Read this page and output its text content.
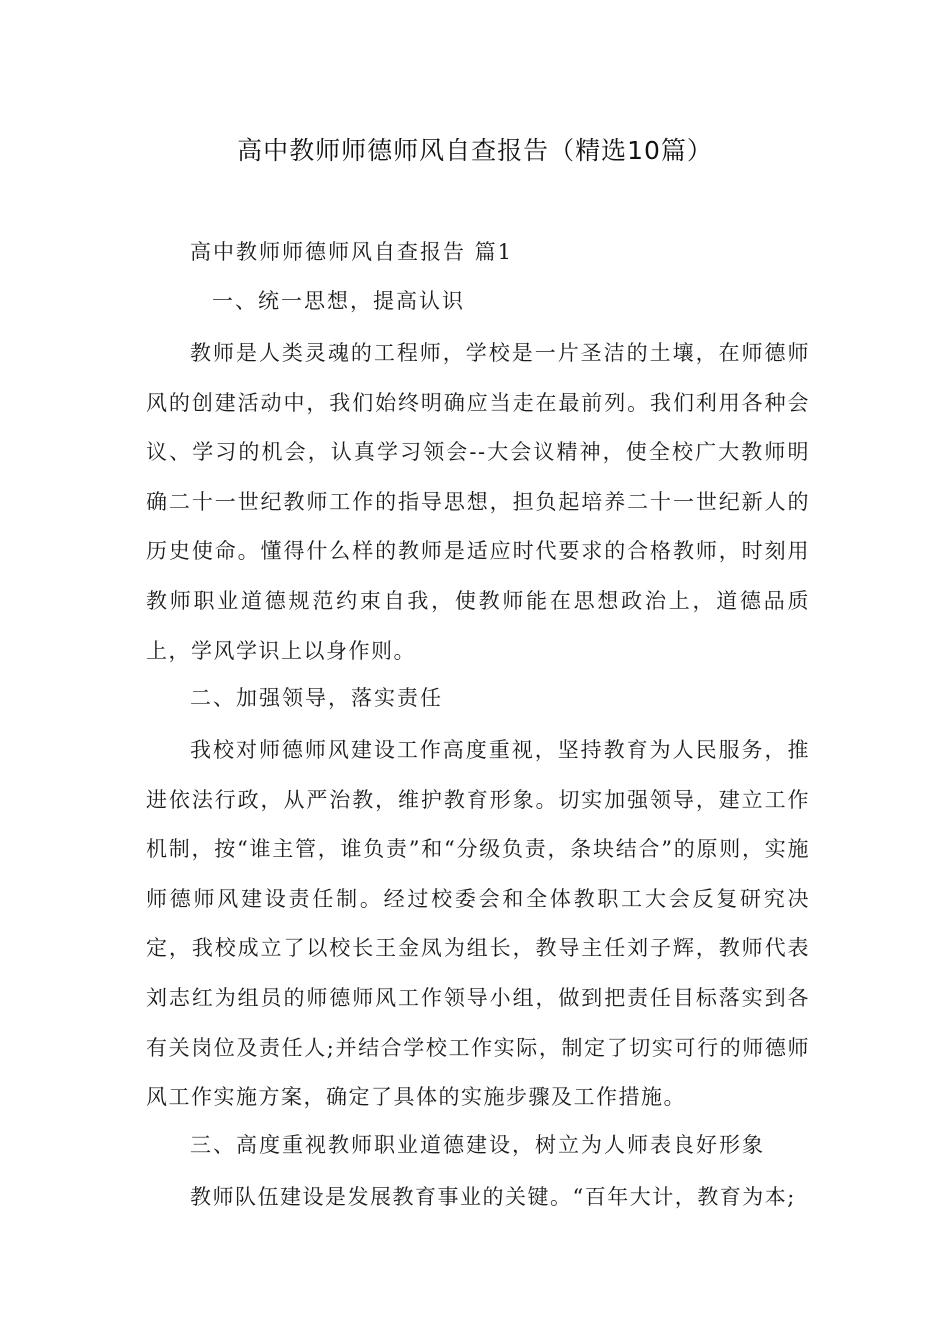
高中教师师德师风自查报告（精选10篇）
高中教师师德师风自查报告 篇1
一、统一思想，提高认识

教师是人类灵魂的工程师，学校是一片圣洁的土壤，在师德师风的创建活动中，我们始终明确应当走在最前列。我们利用各种会议、学习的机会，认真学习领会--大会议精神，使全校广大教师明确二十一世纪教师工作的指导思想，担负起培养二十一世纪新人的历史使命。懂得什么样的教师是适应时代要求的合格教师，时刻用教师职业道德规范约束自我，使教师能在思想政治上，道德品质上，学风学识上以身作则。

二、加强领导，落实责任

我校对师德师风建设工作高度重视，坚持教育为人民服务，推进依法行政，从严治教，维护教育形象。切实加强领导，建立工作机制，按“谁主管，谁负责”和“分级负责，条块结合”的原则，实施师德师风建设责任制。经过校委会和全体教职工大会反复研究决定，我校成立了以校长王金凤为组长，教导主任刘子辉，教师代表刘志红为组员的师德师风工作领导小组，做到把责任目标落实到各有关岗位及责任人;并结合学校工作实际，制定了切实可行的师德师风工作实施方案，确定了具体的实施步骤及工作措施。

三、高度重视教师职业道德建设，树立为人师表良好形象

教师队伍建设是发展教育事业的关键。“百年大计，教育为本;
